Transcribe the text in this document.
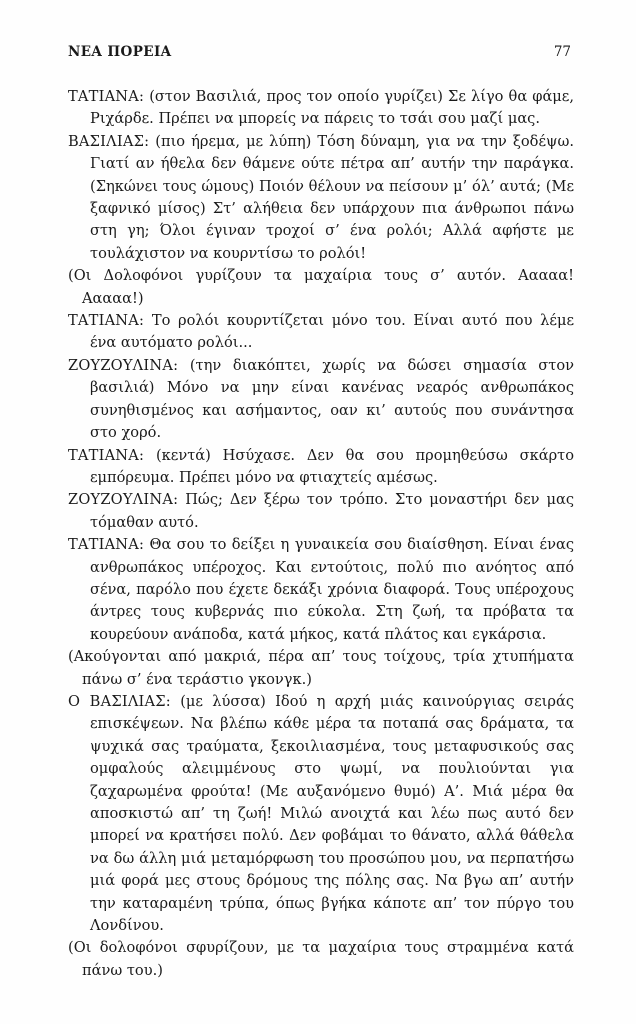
ΝΕΑ ΠΟΡΕΙΑ	77

ΤΑΤΙΑΝΑ: (στον Βασιλιά, προς τον οποίο γυρίζει) Σε λίγο θα φάμε, Ριχάρδε. Πρέπει να μπορείς να πάρεις το τσάι σου μαζί μας.

ΒΑΣΙΛΙΑΣ: (πιο ήρεμα, με λύπη) Τόση δύναμη, για να την ξοδέψω. Γιατί αν ήθελα δεν θάμενε ούτε πέτρα απ’ αυτήν την παράγκα. (Σηκώνει τους ώμους) Ποιόν θέλουν να πείσουν μ’ όλ’ αυτά; (Με ξαφνικό μίσος) Στ’ αλήθεια δεν υπάρχουν πια άνθρωποι πάνω στη γη; Όλοι έγιναν τροχοί σ’ ένα ρολόι; Αλλά αφήστε με τουλάχιστον να κουρντίσω το ρολόι!

(Οι Δολοφόνοι γυρίζουν τα μαχαίρια τους σ’ αυτόν. Ααααα! Ααααα!)

ΤΑΤΙΑΝΑ: Το ρολόι κουρντίζεται μόνο του. Είναι αυτό που λέμε ένα αυτόματο ρολόι...

ΖΟΥΖΟΥΛΙΝΑ: (την διακόπτει, χωρίς να δώσει σημασία στον βασιλιά) Μόνο να μην είναι κανένας νεαρός ανθρωπάκος συνηθισμένος και ασήμαντος, οαν κι’ αυτούς που συνάντησα στο χορό.

ΤΑΤΙΑΝΑ: (κεντά) Ησύχασε. Δεν θα σου προμηθεύσω σκάρτο εμπόρευμα. Πρέπει μόνο να φτιαχτείς αμέσως.

ΖΟΥΖΟΥΛΙΝΑ: Πώς; Δεν ξέρω τον τρόπο. Στο μοναστήρι δεν μας τόμαθαν αυτό.

ΤΑΤΙΑΝΑ: Θα σου το δείξει η γυναικεία σου διαίσθηση. Είναι ένας ανθρωπάκος υπέροχος. Και εντούτοις, πολύ πιο ανόητος από σένα, παρόλο που έχετε δεκάξι χρόνια διαφορά. Τους υπέροχους άντρες τους κυβερνάς πιο εύκολα. Στη ζωή, τα πρόβατα τα κουρεύουν ανάποδα, κατά μήκος, κατά πλάτος και εγκάρσια.

(Ακούγονται από μακριά, πέρα απ’ τους τοίχους, τρία χτυπήματα πάνω σ’ ένα τεράστιο γκονγκ.)

Ο ΒΑΣΙΛΙΑΣ: (με λύσσα) Ιδού η αρχή μιάς καινούργιας σειράς επισκέψεων. Να βλέπω κάθε μέρα τα ποταπά σας δράματα, τα ψυχικά σας τραύματα, ξεκοιλιασμένα, τους μεταφυσικούς σας ομφαλούς αλειμμένους στο ψωμί, να πουλιούνται για ζαχαρωμένα φρούτα! (Με αυξανόμενο θυμό) Α’. Μιά μέρα θα αποσκιστώ απ’ τη ζωή! Μιλώ ανοιχτά και λέω πως αυτό δεν μπορεί να κρατήσει πολύ. Δεν φοβάμαι το θάνατο, αλλά θάθελα να δω άλλη μιά μεταμόρφωση του προσώπου μου, να περπατήσω μιά φορά μες στους δρόμους της πόλης σας. Να βγω απ’ αυτήν την καταραμένη τρύπα, όπως βγήκα κάποτε απ’ τον πύργο του Λονδίνου.

(Οι δολοφόνοι σφυρίζουν, με τα μαχαίρια τους στραμμένα κατά πάνω του.)
